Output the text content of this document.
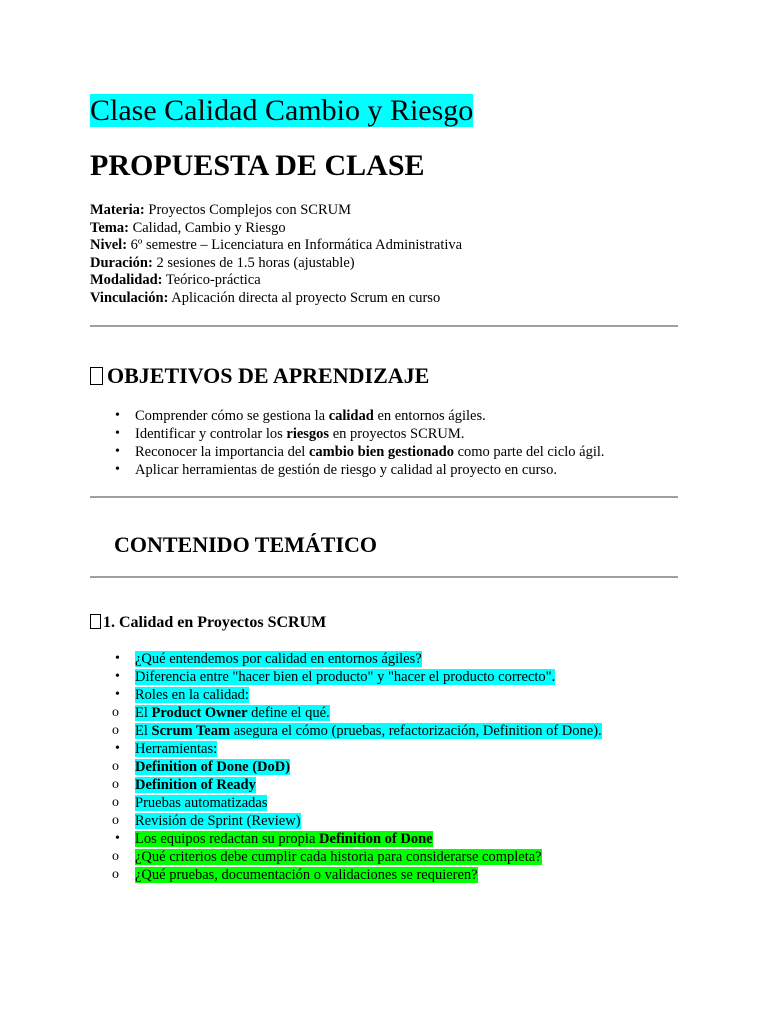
Clase Calidad Cambio y Riesgo
PROPUESTA DE CLASE
Materia: Proyectos Complejos con SCRUM
Tema: Calidad, Cambio y Riesgo
Nivel: 6º semestre – Licenciatura en Informática Administrativa
Duración: 2 sesiones de 1.5 horas (ajustable)
Modalidad: Teórico-práctica
Vinculación: Aplicación directa al proyecto Scrum en curso
OBJETIVOS DE APRENDIZAJE
• Comprender cómo se gestiona la calidad en entornos ágiles.
• Identificar y controlar los riesgos en proyectos SCRUM.
• Reconocer la importancia del cambio bien gestionado como parte del ciclo ágil.
• Aplicar herramientas de gestión de riesgo y calidad al proyecto en curso.
CONTENIDO TEMÁTICO
1. Calidad en Proyectos SCRUM
• ¿Qué entendemos por calidad en entornos ágiles?
• Diferencia entre "hacer bien el producto" y "hacer el producto correcto".
• Roles en la calidad:
o El Product Owner define el qué.
o El Scrum Team asegura el cómo (pruebas, refactorización, Definition of Done).
• Herramientas:
o Definition of Done (DoD)
o Definition of Ready
o Pruebas automatizadas
o Revisión de Sprint (Review)
• Los equipos redactan su propia Definition of Done
o ¿Qué criterios debe cumplir cada historia para considerarse completa?
o ¿Qué pruebas, documentación o validaciones se requieren?
